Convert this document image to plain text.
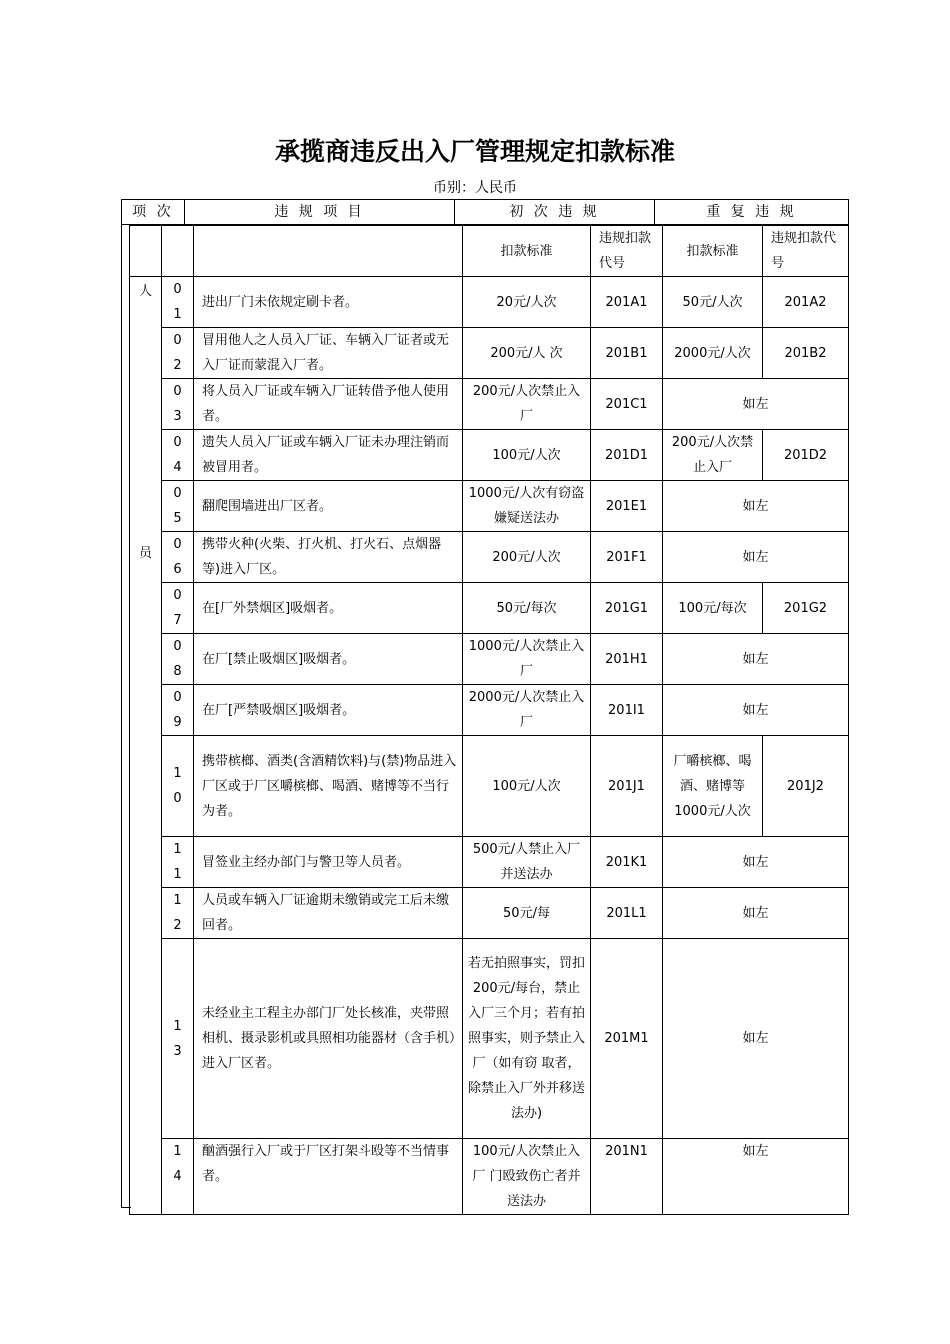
承揽商违反出入厂管理规定扣款标准
币别：人民币
项 次	违 规 项 目	初 次 违 规	重 复 违 规
			扣款标准	违规扣款代号	扣款标准	违规扣款代号

人
员	01	进出厂门未依规定刷卡者。	20元/人次	201A1	50元/人次	201A2
	02	冒用他人之人员入厂证、车辆入厂证者或无入厂证而蒙混入厂者。	200元/人 次	201B1	2000元/人次	201B2
	03	将人员入厂证或车辆入厂证转借予他人使用者。	200元/人次禁止入厂	201C1	如左	
	04	遗失人员入厂证或车辆入厂证未办理注销而被冒用者。	100元/人次	201D1	200元/人次禁止入厂	201D2
	05	翻爬围墙进出厂区者。	1000元/人次有窃盗嫌疑送法办	201E1	如左	
	06	携带火种(火柴、打火机、打火石、点烟器等)进入厂区。	200元/人次	201F1	如左	
	07	在[厂外禁烟区]吸烟者。	50元/每次	201G1	100元/每次	201G2
	08	在厂[禁止吸烟区]吸烟者。	1000元/人次禁止入厂	201H1	如左	
	09	在厂[严禁吸烟区]吸烟者。	2000元/人次禁止入厂	201I1	如左	
	10	携带槟榔、酒类(含酒精饮料)与(禁)物品进入厂区或于厂区嚼槟榔、喝酒、赌博等不当行为者。	100元/人次	201J1	厂嚼槟榔、喝酒、赌博等1000元/人次	201J2
	11	冒签业主经办部门与警卫等人员者。	500元/人禁止入厂并送法办	201K1	如左	
	12	人员或车辆入厂证逾期未缴销或完工后未缴回者。	50元/每	201L1	如左	
	13	未经业主工程主办部门厂处长核准，夹带照相机、摄录影机或具照相功能器材（含手机）进入厂区者。	若无拍照事实，罚扣200元/每台，禁止入厂三个月；若有拍照事实，则予禁止入厂（如有窃 取者，除禁止入厂外并移送法办)	201M1	如左	
	14	酗酒强行入厂或于厂区打架斗殴等不当情事者。	100元/人次禁止入厂 门殴致伤亡者并送法办	201N1	如左	
